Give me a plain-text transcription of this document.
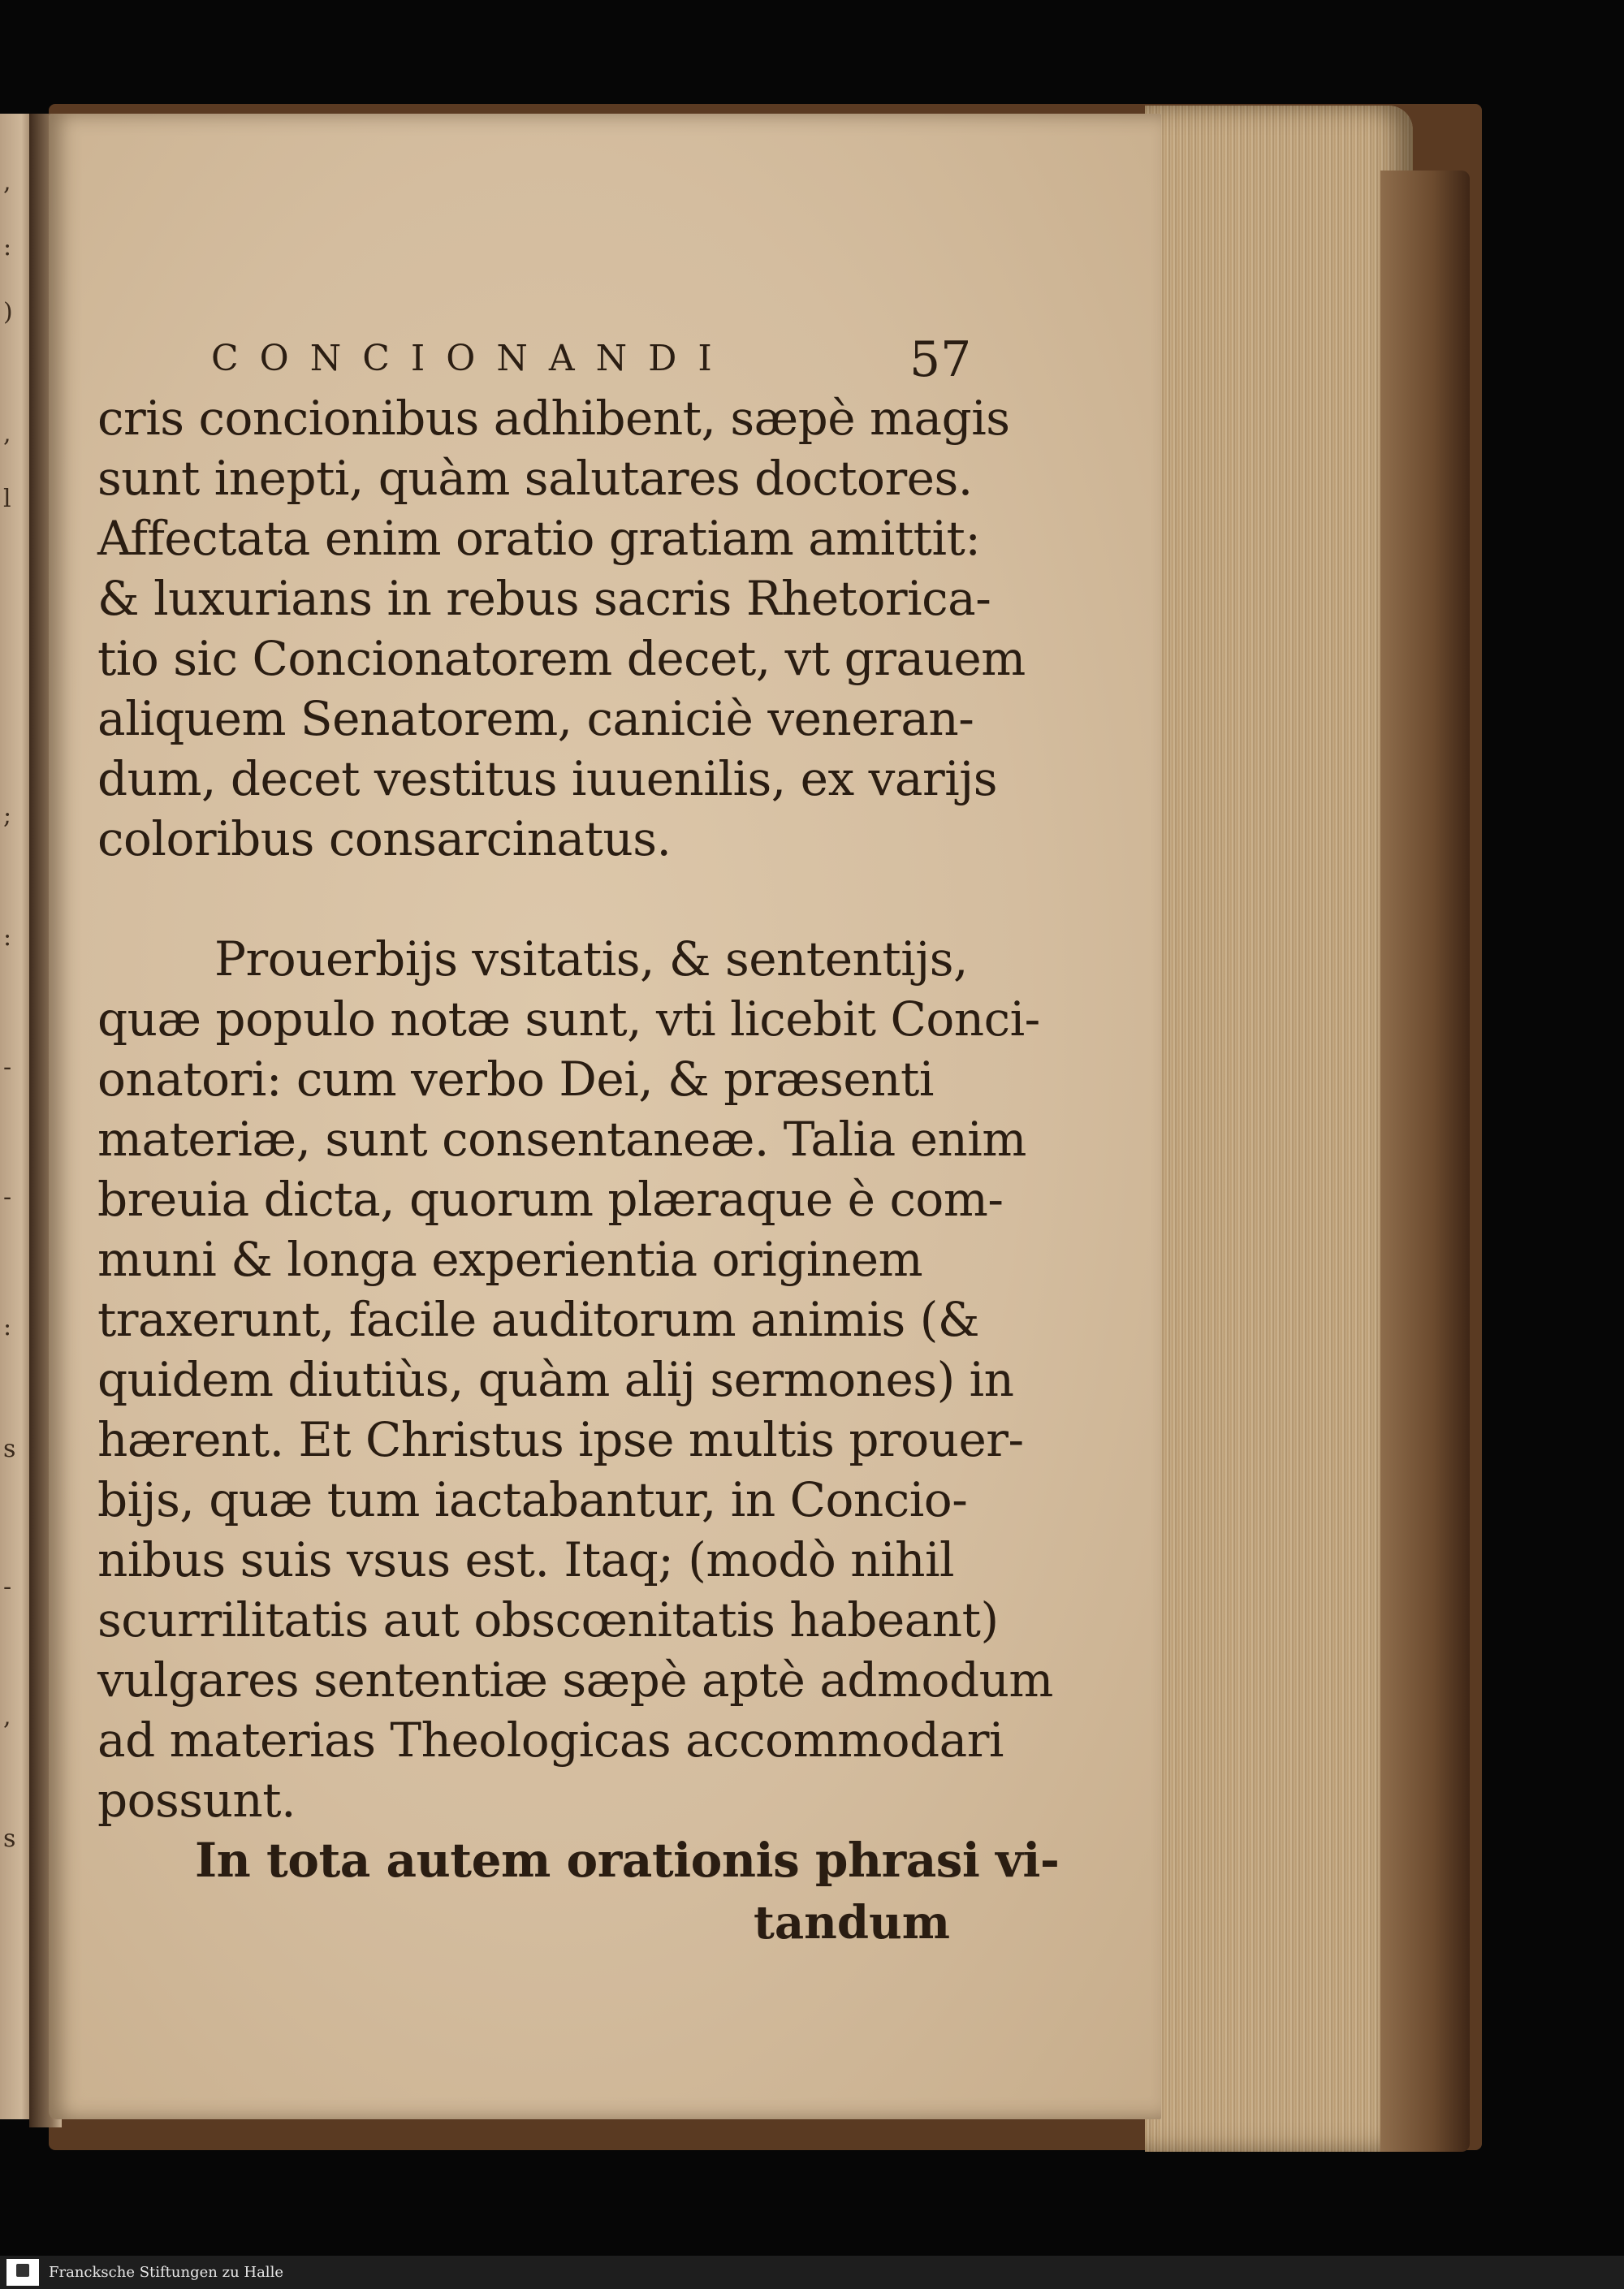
,
:
)
,
l
;
:
-
-
:
s
-
,
s
CONCIONANDI	57
cris concionibus adhibent, sæpè magis
sunt inepti, quàm salutares doctores.
Affectata enim oratio gratiam amittit:
& luxurians in rebus sacris Rhetorica-
tio sic Concionatorem decet, vt grauem
aliquem Senatorem, caniciè veneran-
dum, decet vestitus iuuenilis, ex varijs
coloribus consarcinatus.
Prouerbijs vsitatis, & sententijs,
quæ populo notæ sunt, vti licebit Conci-
onatori: cum verbo Dei, & præsenti
materiæ, sunt consentaneæ. Talia enim
breuia dicta, quorum plæraque è com-
muni & longa experientia originem
traxerunt, facile auditorum animis (&
quidem diutiùs, quàm alij sermones) in
hærent. Et Christus ipse multis prouer-
bijs, quæ tum iactabantur, in Concio-
nibus suis vsus est. Itaq; (modò nihil
scurrilitatis aut obscœnitatis habeant)
vulgares sententiæ sæpè aptè admodum
ad materias Theologicas accommodari
possunt.
In tota autem orationis phrasi vi-
tandum
Francksche Stiftungen zu Halle
